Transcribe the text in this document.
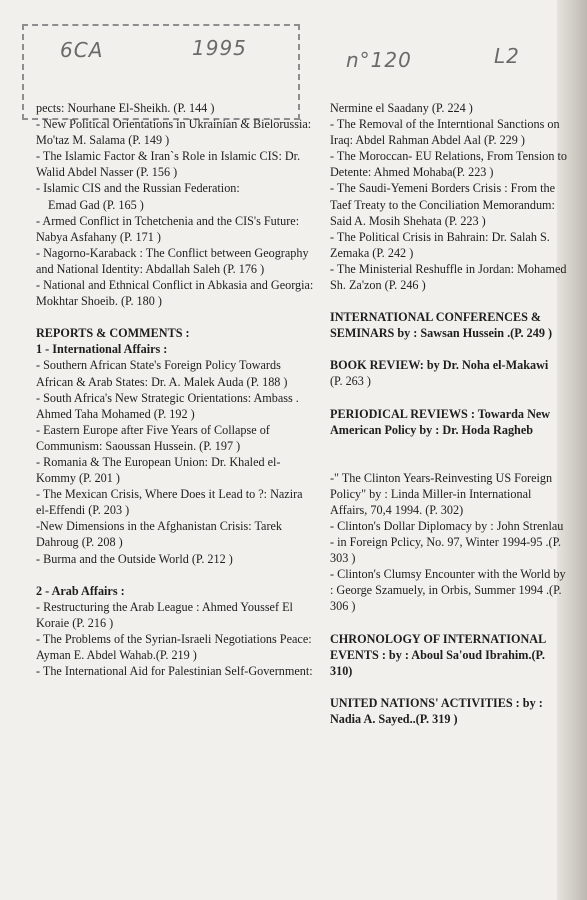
6CA	1995	n°120	L2
pects: Nourhane El-Sheikh. (P. 144 )
- New Political Orientations in Ukrainian & Bielorussia: Mo'taz M. Salama (P. 149 )
- The Islamic Factor & Iran`s Role in Islamic CIS: Dr. Walid Abdel Nasser (P. 156 )
- Islamic CIS and the Russian Federation:
Emad Gad (P. 165 )
- Armed Conflict in Tchetchenia and the CIS's Future: Nabya Asfahany (P. 171 )
- Nagorno-Karaback : The Conflict between Geography and National Identity: Abdallah Saleh (P. 176 )
- National and Ethnical Conflict in Abkasia and Georgia: Mokhtar Shoeib. (P. 180 )
REPORTS & COMMENTS :
1 - International Affairs :
- Southern African State's Foreign Policy Towards African & Arab States: Dr. A. Malek Auda (P. 188 )
- South Africa's New Strategic Orientations: Ambass . Ahmed Taha Mohamed (P. 192 )
- Eastern Europe after Five Years of Collapse of Communism: Saoussan Hussein. (P. 197 )
- Romania & The European Union: Dr. Khaled el-Kommy (P. 201 )
- The Mexican Crisis, Where Does it Lead to ?: Nazira el-Effendi (P. 203 )
-New Dimensions in the Afghanistan Crisis: Tarek Dahroug (P. 208 )
- Burma and the Outside World (P. 212 )
2 - Arab Affairs :
- Restructuring the Arab League : Ahmed Youssef El Koraie (P. 216 )
- The Problems of the Syrian-Israeli Negotiations Peace: Ayman E. Abdel Wahab.(P. 219 )
- The International Aid for Palestinian Self-Government:
Nermine el Saadany (P. 224 )
- The Removal of the Interntional Sanctions on Iraq: Abdel Rahman Abdel Aal (P. 229 )
- The Moroccan- EU Relations, From Tension to Detente: Ahmed Mohaba(P. 223 )
- The Saudi-Yemeni Borders Crisis : From the Taef Treaty to the Conciliation Memorandum: Said A. Mosih Shehata (P. 223 )
- The Political Crisis in Bahrain: Dr. Salah S. Zemaka (P. 242 )
- The Ministerial Reshuffle in Jordan: Mohamed Sh. Za'zon (P. 246 )
INTERNATIONAL CONFERENCES & SEMINARS by : Sawsan Hussein .(P. 249 )
BOOK REVIEW: by Dr. Noha el-Makawi
(P. 263 )
PERIODICAL REVIEWS : Towarda New American Policy by : Dr. Hoda Ragheb
-" The Clinton Years-Reinvesting US Foreign Policy" by : Linda Miller-in International Affairs, 70,4 1994. (P. 302)
- Clinton's Dollar Diplomacy by : John Strenlau - in Foreign Pclicy, No. 97, Winter 1994-95 .(P. 303 )
- Clinton's Clumsy Encounter with the World by : George Szamuely, in Orbis, Summer 1994 .(P. 306 )
CHRONOLOGY OF INTERNATIONAL EVENTS : by : Aboul Sa'oud Ibrahim.(P. 310)
UNITED NATIONS' ACTIVITIES : by : Nadia A. Sayed..(P. 319 )
